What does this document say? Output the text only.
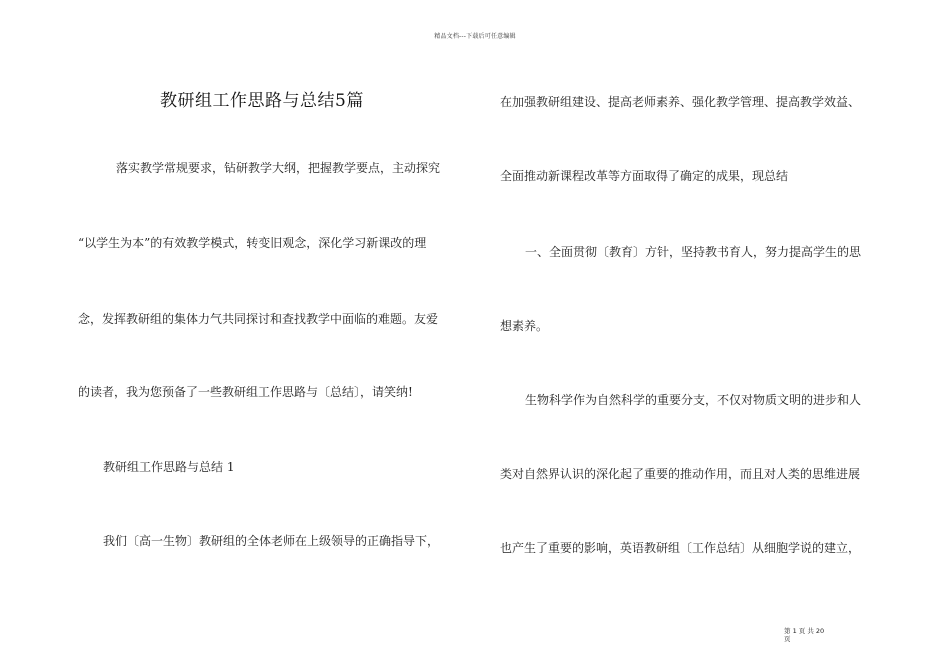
精品文档---下载后可任意编辑
教研组工作思路与总结5篇
落实教学常规要求，钻研教学大纲，把握教学要点，主动探究
“以学生为本”的有效教学模式，转变旧观念，深化学习新课改的理
念，发挥教研组的集体力气共同探讨和查找教学中面临的难题。友爱
的读者，我为您预备了一些教研组工作思路与〔总结〕，请笑纳!
教研组工作思路与总结 1
我们〔高一生物〕教研组的全体老师在上级领导的正确指导下，
在加强教研组建设、提高老师素养、强化教学管理、提高教学效益、
全面推动新课程改革等方面取得了确定的成果，现总结
一、全面贯彻〔教育〕方针，坚持教书育人，努力提高学生的思
想素养。
生物科学作为自然科学的重要分支，不仅对物质文明的进步和人
类对自然界认识的深化起了重要的推动作用，而且对人类的思维进展
也产生了重要的影响，英语教研组〔工作总结〕从细胞学说的建立，
第 1 页 共 20 页
